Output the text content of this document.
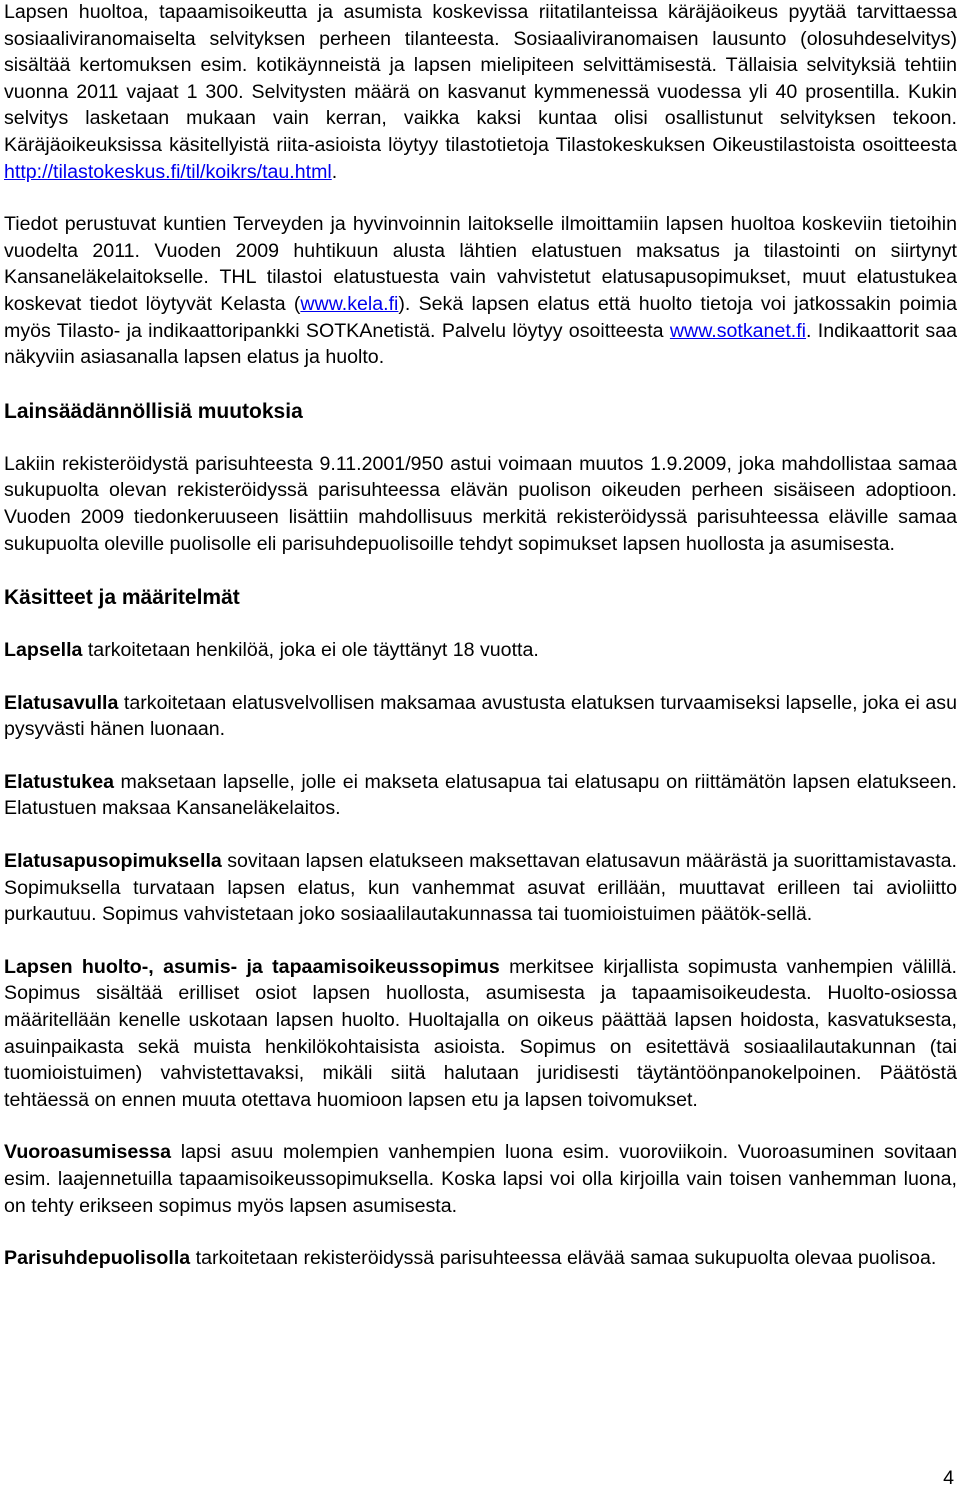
Lapsen huoltoa, tapaamisoikeutta ja asumista koskevissa riitatilanteissa käräjäoikeus pyytää tarvittaessa sosiaaliviranomaiselta selvityksen perheen tilanteesta. Sosiaaliviranomaisen lausunto (olosuhdeselvitys) sisältää kertomuksen esim. kotikäynneistä ja lapsen mielipiteen selvittämisestä. Tällaisia selvityksiä tehtiin vuonna 2011 vajaat 1 300. Selvitysten määrä on kasvanut kymmenessä vuodessa yli 40 prosentilla. Kukin selvitys lasketaan mukaan vain kerran, vaikka kaksi kuntaa olisi osallistunut selvityksen tekoon. Käräjäoikeuksissa käsitellyistä riita-asioista löytyy tilastotietoja Tilastokeskuksen Oikeustilastoista osoitteesta http://tilastokeskus.fi/til/koikrs/tau.html.

Tiedot perustuvat kuntien Terveyden ja hyvinvoinnin laitokselle ilmoittamiin lapsen huoltoa koskeviin tietoihin vuodelta 2011. Vuoden 2009 huhtikuun alusta lähtien elatustuen maksatus ja tilastointi on siirtynyt Kansaneläkelaitokselle. THL tilastoi elatustuesta vain vahvistetut elatusapusopimukset, muut elatustukea koskevat tiedot löytyvät Kelasta (www.kela.fi). Sekä lapsen elatus että huolto tietoja voi jatkossakin poimia myös Tilasto- ja indikaattoripankki SOTKAnetistä. Palvelu löytyy osoitteesta www.sotkanet.fi. Indikaattorit saa näkyviin asiasanalla lapsen elatus ja huolto.

Lainsäädännöllisiä muutoksia

Lakiin rekisteröidystä parisuhteesta 9.11.2001/950 astui voimaan muutos 1.9.2009, joka mahdollistaa samaa sukupuolta olevan rekisteröidyssä parisuhteessa elävän puolison oikeuden perheen sisäiseen adoptioon. Vuoden 2009 tiedonkeruuseen lisättiin mahdollisuus merkitä rekisteröidyssä parisuhteessa eläville samaa sukupuolta oleville puolisolle eli parisuhdepuolisoille tehdyt sopimukset lapsen huollosta ja asumisesta.

Käsitteet ja määritelmät

Lapsella tarkoitetaan henkilöä, joka ei ole täyttänyt 18 vuotta.

Elatusavulla tarkoitetaan elatusvelvollisen maksamaa avustusta elatuksen turvaamiseksi lapselle, joka ei asu pysyvästi hänen luonaan.

Elatustukea maksetaan lapselle, jolle ei makseta elatusapua tai elatusapu on riittämätön lapsen elatukseen. Elatustuen maksaa Kansaneläkelaitos.

Elatusapusopimuksella sovitaan lapsen elatukseen maksettavan elatusavun määrästä ja suorittamistavasta. Sopimuksella turvataan lapsen elatus, kun vanhemmat asuvat erillään, muuttavat erilleen tai avioliitto purkautuu. Sopimus vahvistetaan joko sosiaalilautakunnassa tai tuomioistuimen päätök-sellä.

Lapsen huolto-, asumis- ja tapaamisoikeussopimus merkitsee kirjallista sopimusta vanhempien välillä. Sopimus sisältää erilliset osiot lapsen huollosta, asumisesta ja tapaamisoikeudesta. Huolto-osiossa määritellään kenelle uskotaan lapsen huolto. Huoltajalla on oikeus päättää lapsen hoidosta, kasvatuksesta, asuinpaikasta sekä muista henkilökohtaisista asioista. Sopimus on esitettävä sosiaalilautakunnan (tai tuomioistuimen) vahvistettavaksi, mikäli siitä halutaan juridisesti täytäntöönpanokelpoinen. Päätöstä tehtäessä on ennen muuta otettava huomioon lapsen etu ja lapsen toivomukset.

Vuoroasumisessa lapsi asuu molempien vanhempien luona esim. vuoroviikoin. Vuoroasuminen sovitaan esim. laajennetuilla tapaamisoikeussopimuksella. Koska lapsi voi olla kirjoilla vain toisen vanhemman luona, on tehty erikseen sopimus myös lapsen asumisesta.

Parisuhdepuolisolla tarkoitetaan rekisteröidyssä parisuhteessa elävää samaa sukupuolta olevaa puolisoa.

4
